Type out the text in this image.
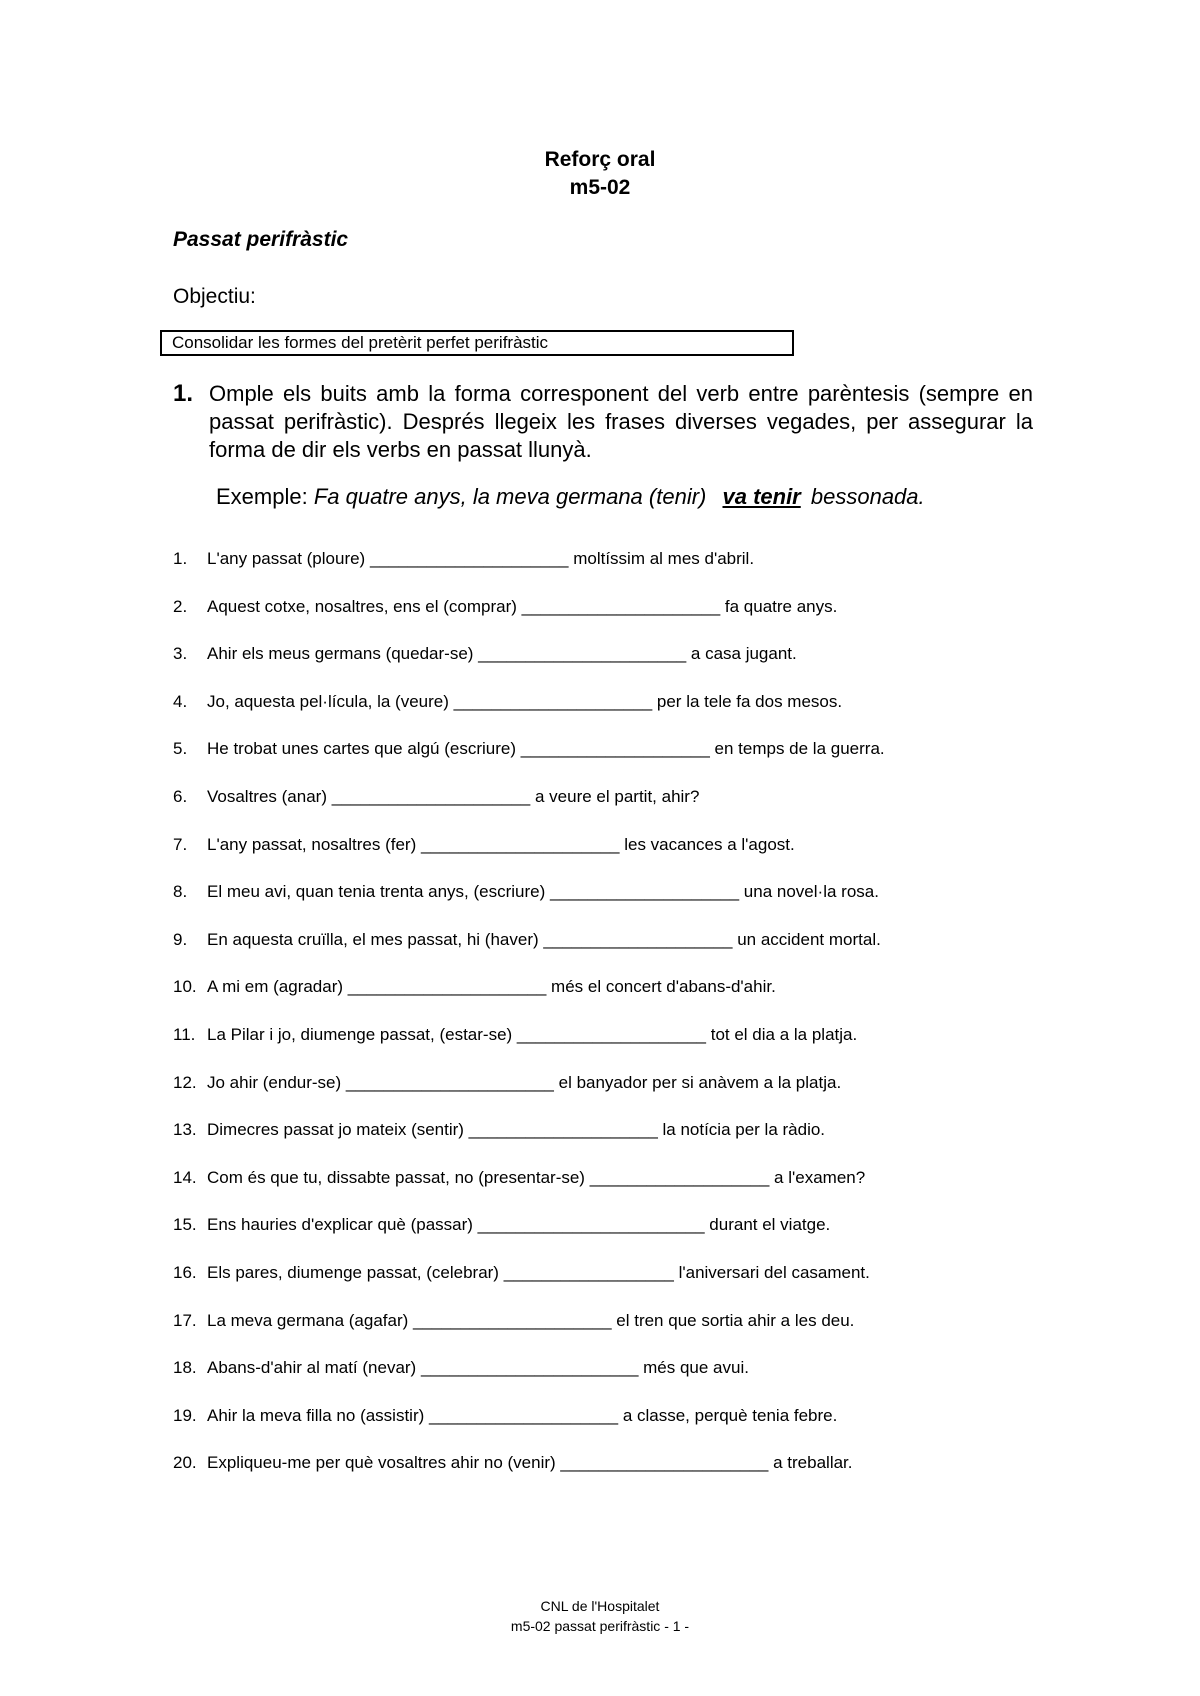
Reforç oral
m5-02
Passat perifràstic
Objectiu:
Consolidar les formes del pretèrit perfet perifràstic
1. Omple els buits amb la forma corresponent del verb entre parèntesis (sempre en passat perifràstic). Després llegeix les frases diverses vegades, per assegurar la forma de dir els verbs en passat llunyà.
Exemple: Fa quatre anys, la meva germana (tenir) va tenir bessonada.
1. L'any passat (ploure) _____________________ moltíssim al mes d'abril.
2. Aquest cotxe, nosaltres, ens el (comprar) _____________________ fa quatre anys.
3. Ahir els meus germans (quedar-se) ______________________ a casa jugant.
4. Jo, aquesta pel·lícula, la (veure) _____________________ per la tele fa dos mesos.
5. He trobat unes cartes que algú (escriure) ____________________ en temps de la guerra.
6. Vosaltres (anar) _____________________ a veure el partit, ahir?
7. L'any passat, nosaltres (fer) _____________________ les vacances a l'agost.
8. El meu avi, quan tenia trenta anys, (escriure) ____________________ una novel·la rosa.
9. En aquesta cruïlla, el mes passat, hi (haver) ____________________ un accident mortal.
10. A mi em (agradar) _____________________ més el concert d'abans-d'ahir.
11. La Pilar i jo, diumenge passat, (estar-se) ____________________ tot el dia a la platja.
12. Jo ahir (endur-se) ______________________ el banyador per si anàvem a la platja.
13. Dimecres passat jo mateix (sentir) ____________________ la notícia per la ràdio.
14. Com és que tu, dissabte passat, no (presentar-se) ___________________ a l'examen?
15. Ens hauries d'explicar què (passar) ________________________ durant el viatge.
16. Els pares, diumenge passat, (celebrar) __________________ l'aniversari del casament.
17. La meva germana (agafar) _____________________ el tren que sortia ahir a les deu.
18. Abans-d'ahir al matí (nevar) _______________________ més que avui.
19. Ahir la meva filla no (assistir) ____________________ a classe, perquè tenia febre.
20. Expliqueu-me per què vosaltres ahir no (venir) ______________________ a treballar.
CNL de l'Hospitalet
m5-02 passat perifràstic - 1 -
